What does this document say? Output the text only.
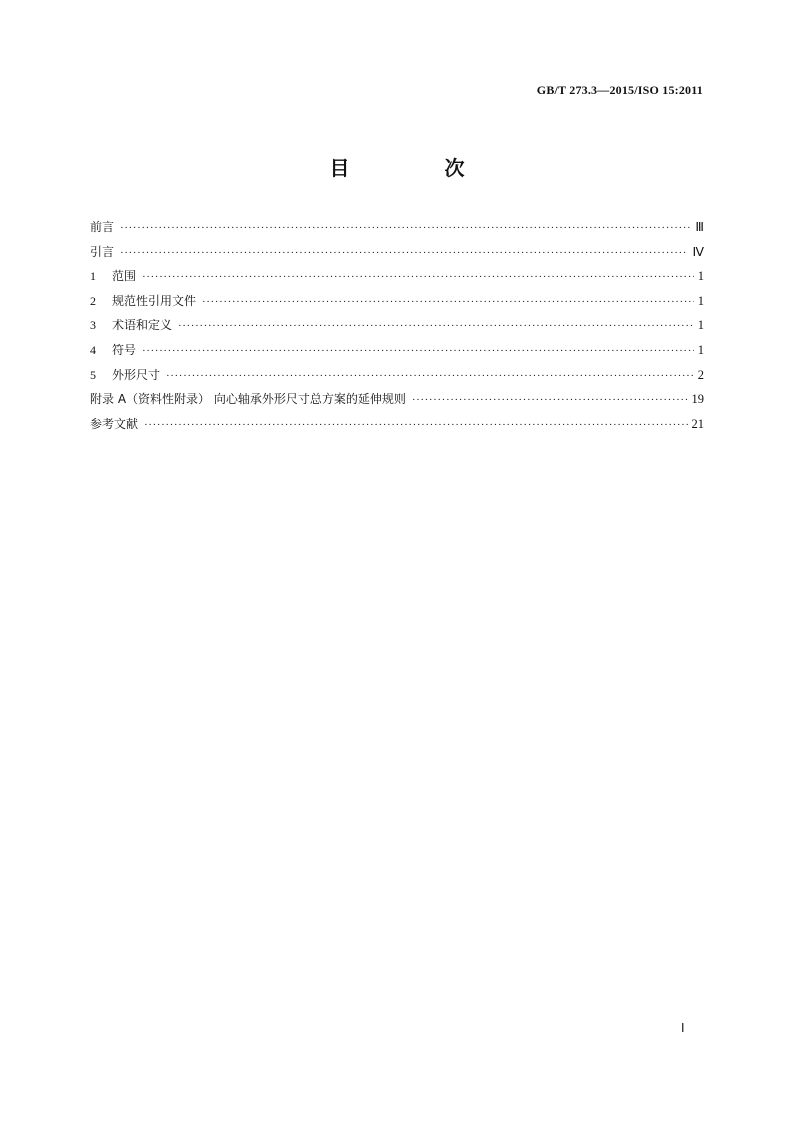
GB/T 273.3—2015/ISO 15:2011
目 次
前言 ·····	Ⅲ
引言 ·····	Ⅳ
1 范围 ·····	1
2 规范性引用文件 ·····	1
3 术语和定义 ·····	1
4 符号 ·····	1
5 外形尺寸 ·····	2
附录 A（资料性附录） 向心轴承外形尺寸总方案的延伸规则 ·····	19
参考文献 ·····	21
Ⅰ
